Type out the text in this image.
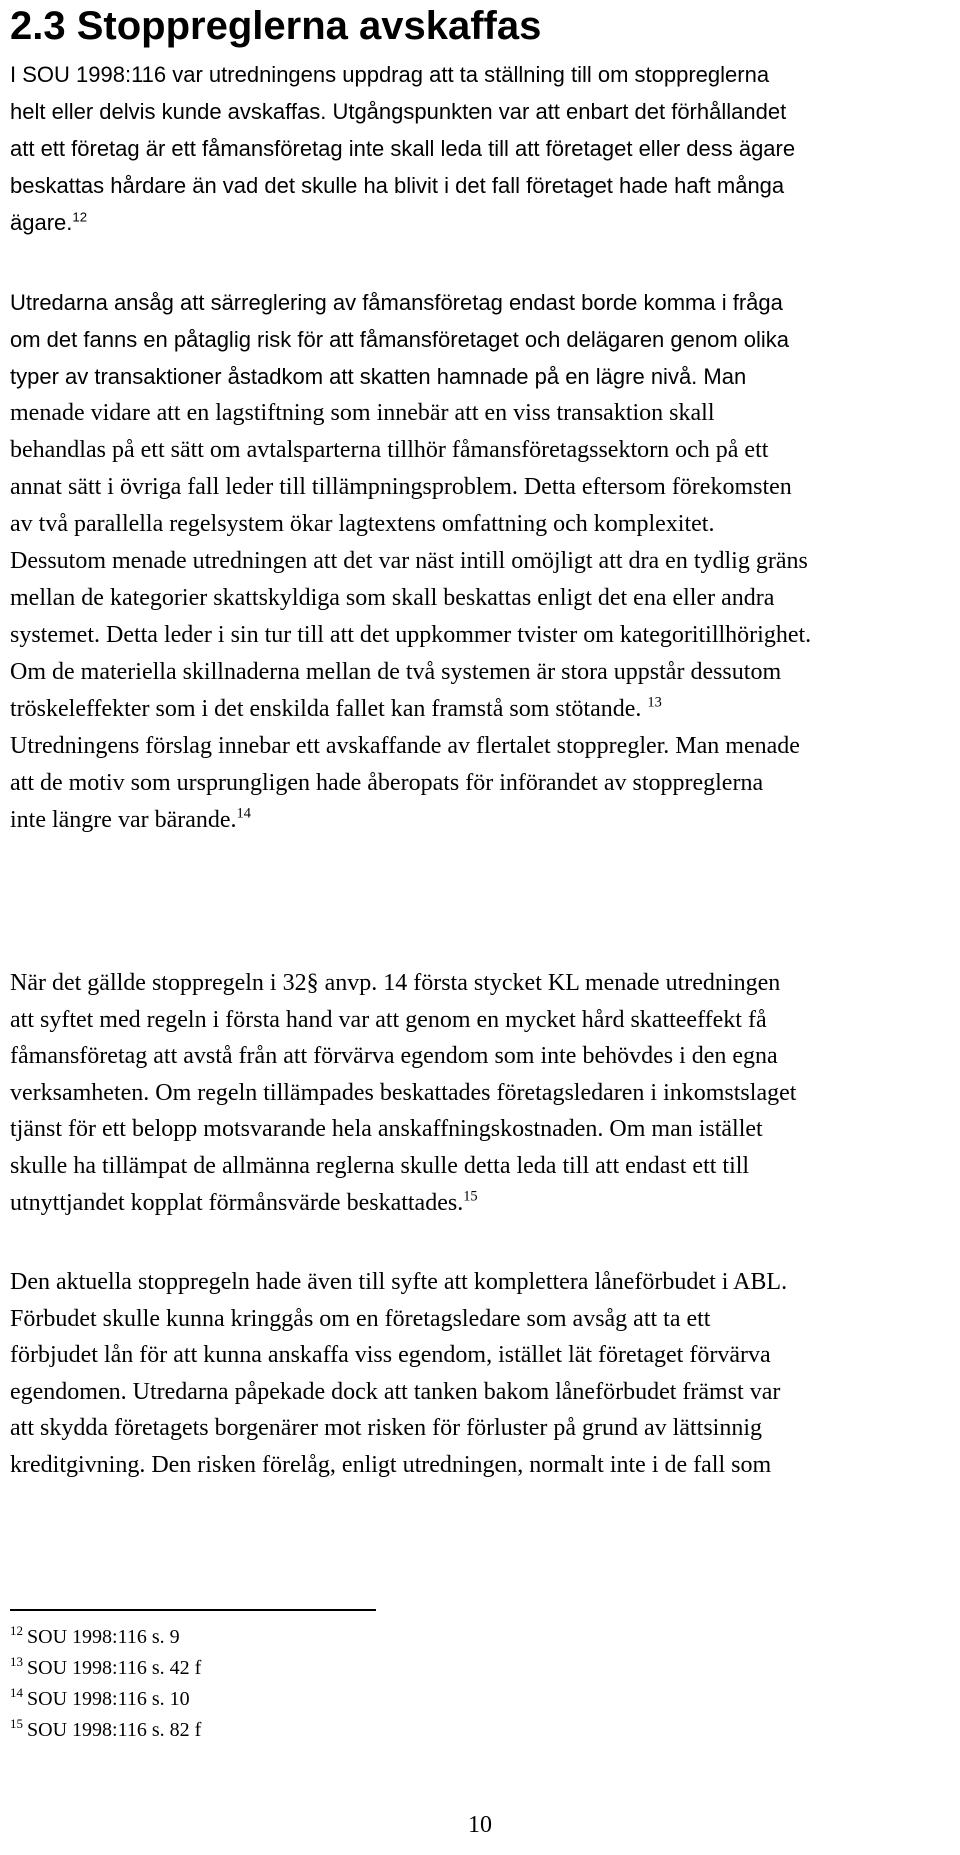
2.3 Stoppreglerna avskaffas
I SOU 1998:116 var utredningens uppdrag att ta ställning till om stoppreglerna
helt eller delvis kunde avskaffas. Utgångspunkten var att enbart det förhållandet
att ett företag är ett fåmansföretag inte skall leda till att företaget eller dess ägare
beskattas hårdare än vad det skulle ha blivit i det fall företaget hade haft många
ägare.$^{12}$
Utredarna ansåg att särreglering av fåmansföretag endast borde komma i fråga
om det fanns en påtaglig risk för att fåmansföretaget och delägaren genom olika
typer av transaktioner åstadkom att skatten hamnade på en lägre nivå. Man
menade vidare att en lagstiftning som innebär att en viss transaktion skall
behandlas på ett sätt om avtalsparterna tillhör fåmansföretagssektorn och på ett
annat sätt i övriga fall leder till tillämpningsproblem. Detta eftersom förekomsten
av två parallella regelsystem ökar lagtextens omfattning och komplexitet.
Dessutom menade utredningen att det var näst intill omöjligt att dra en tydlig gräns
mellan de kategorier skattskyldiga som skall beskattas enligt det ena eller andra
systemet. Detta leder i sin tur till att det uppkommer tvister om kategoritillhörighet.
Om de materiella skillnaderna mellan de två systemen är stora uppstår dessutom
tröskeleffekter som i det enskilda fallet kan framstå som stötande. $^{13}$
Utredningens förslag innebar ett avskaffande av flertalet stoppregler. Man menade
att de motiv som ursprungligen hade åberopats för införandet av stoppreglerna
inte längre var bärande.$^{14}$
När det gällde stoppregeln i 32§ anvp. 14 första stycket KL menade utredningen
att syftet med regeln i första hand var att genom en mycket hård skatteeffekt få
fåmansföretag att avstå från att förvärva egendom som inte behövdes i den egna
verksamheten. Om regeln tillämpades beskattades företagsledaren i inkomstslaget
tjänst för ett belopp motsvarande hela anskaffningskostnaden. Om man istället
skulle ha tillämpat de allmänna reglerna skulle detta leda till att endast ett till
utnyttjandet kopplat förmånsvärde beskattades.$^{15}$
Den aktuella stoppregeln hade även till syfte att komplettera låneförbudet i ABL.
Förbudet skulle kunna kringgås om en företagsledare som avsåg att ta ett
förbjudet lån för att kunna anskaffa viss egendom, istället lät företaget förvärva
egendomen. Utredarna påpekade dock att tanken bakom låneförbudet främst var
att skydda företagets borgenärer mot risken för förluster på grund av lättsinnig
kreditgivning. Den risken förelåg, enligt utredningen, normalt inte i de fall som
$^{12}$ SOU 1998:116 s. 9
$^{13}$ SOU 1998:116 s. 42 f
$^{14}$ SOU 1998:116 s. 10
$^{15}$ SOU 1998:116 s. 82 f
10
